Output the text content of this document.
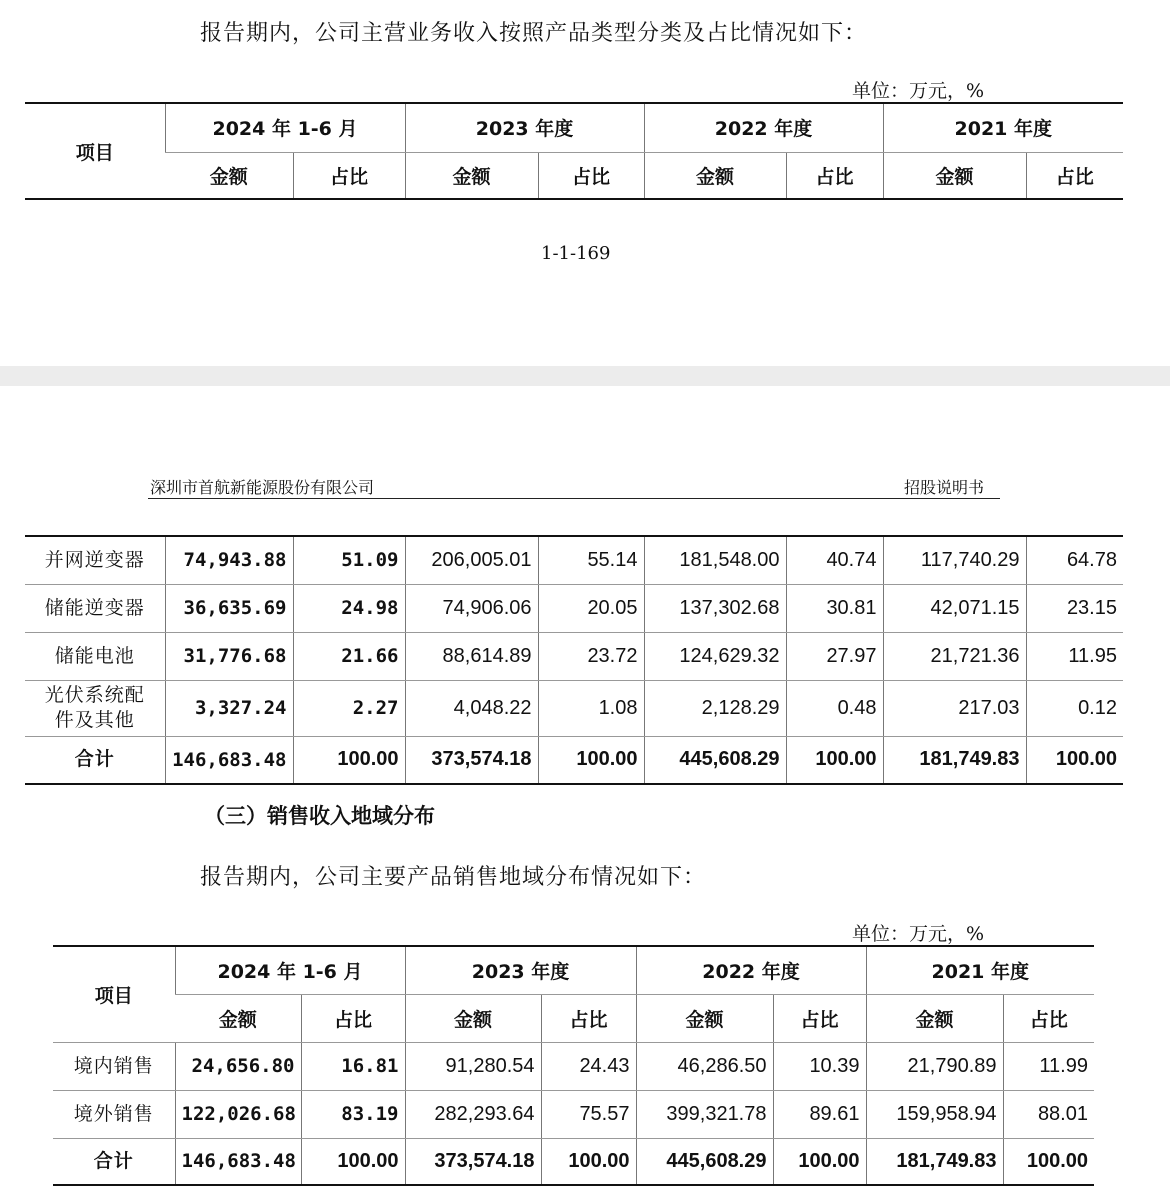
报告期内，公司主营业务收入按照产品类型分类及占比情况如下：
单位：万元，%
项目	2024 年 1-6 月		2023 年度		2022 年度		2021 年度	
	金额	占比	金额	占比	金额	占比	金额	占比
1-1-169
深圳市首航新能源股份有限公司	招股说明书
并网逆变器	74,943.88	51.09	206,005.01	55.14	181,548.00	40.74	117,740.29	64.78
储能逆变器	36,635.69	24.98	74,906.06	20.05	137,302.68	30.81	42,071.15	23.15
储能电池	31,776.68	21.66	88,614.89	23.72	124,629.32	27.97	21,721.36	11.95
光伏系统配
件及其他	3,327.24	2.27	4,048.22	1.08	2,128.29	0.48	217.03	0.12
合计	146,683.48	100.00	373,574.18	100.00	445,608.29	100.00	181,749.83	100.00
（三）销售收入地域分布
报告期内，公司主要产品销售地域分布情况如下：
单位：万元，%
项目	2024 年 1-6 月		2023 年度		2022 年度		2021 年度	
	金额	占比	金额	占比	金额	占比	金额	占比
境内销售	24,656.80	16.81	91,280.54	24.43	46,286.50	10.39	21,790.89	11.99
境外销售	122,026.68	83.19	282,293.64	75.57	399,321.78	89.61	159,958.94	88.01
合计	146,683.48	100.00	373,574.18	100.00	445,608.29	100.00	181,749.83	100.00
